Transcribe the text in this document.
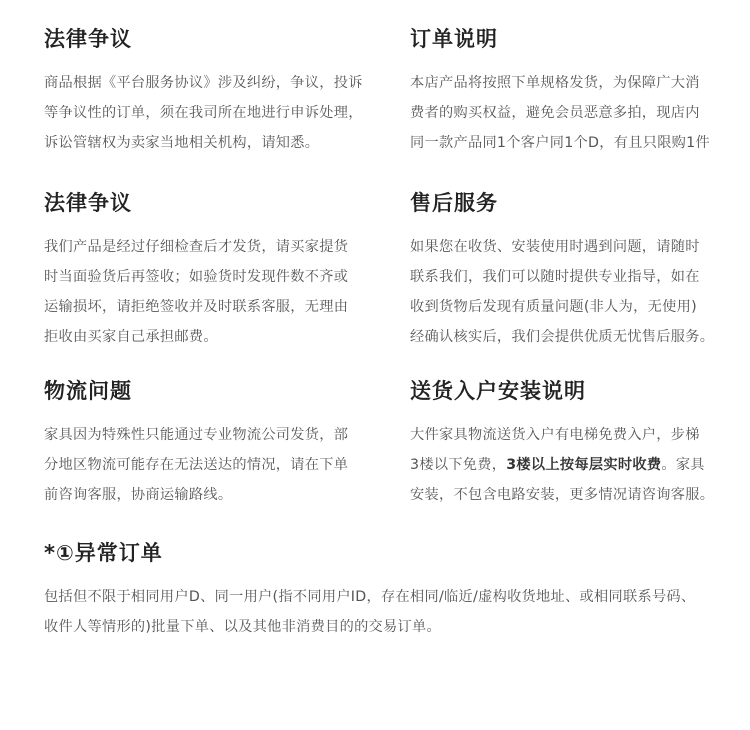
法律争议
商品根据《平台服务协议》涉及纠纷，争议，投诉
等争议性的订单，须在我司所在地进行申诉处理，
诉讼管辖权为卖家当地相关机构，请知悉。
订单说明
本店产品将按照下单规格发货，为保障广大消
费者的购买权益，避免会员恶意多拍，现店内
同一款产品同1个客户同1个D，有且只限购1件
法律争议
我们产品是经过仔细检查后才发货，请买家提货
时当面验货后再签收；如验货时发现件数不齐或
运输损坏，请拒绝签收并及时联系客服，无理由
拒收由买家自己承担邮费。
售后服务
如果您在收货、安装使用时遇到问题，请随时
联系我们，我们可以随时提供专业指导，如在
收到货物后发现有质量问题(非人为，无使用)
经确认核实后，我们会提供优质无忧售后服务。
物流问题
家具因为特殊性只能通过专业物流公司发货，部
分地区物流可能存在无法送达的情况，请在下单
前咨询客服，协商运输路线。
送货入户安装说明
大件家具物流送货入户有电梯免费入户，步梯
3楼以下免费，3楼以上按每层实时收费。家具
安装，不包含电路安装，更多情况请咨询客服。
*①异常订单
包括但不限于相同用户D、同一用户(指不同用户ID，存在相同/临近/虚构收货地址、或相同联系号码、
收件人等情形的)批量下单、以及其他非消费目的的交易订单。
